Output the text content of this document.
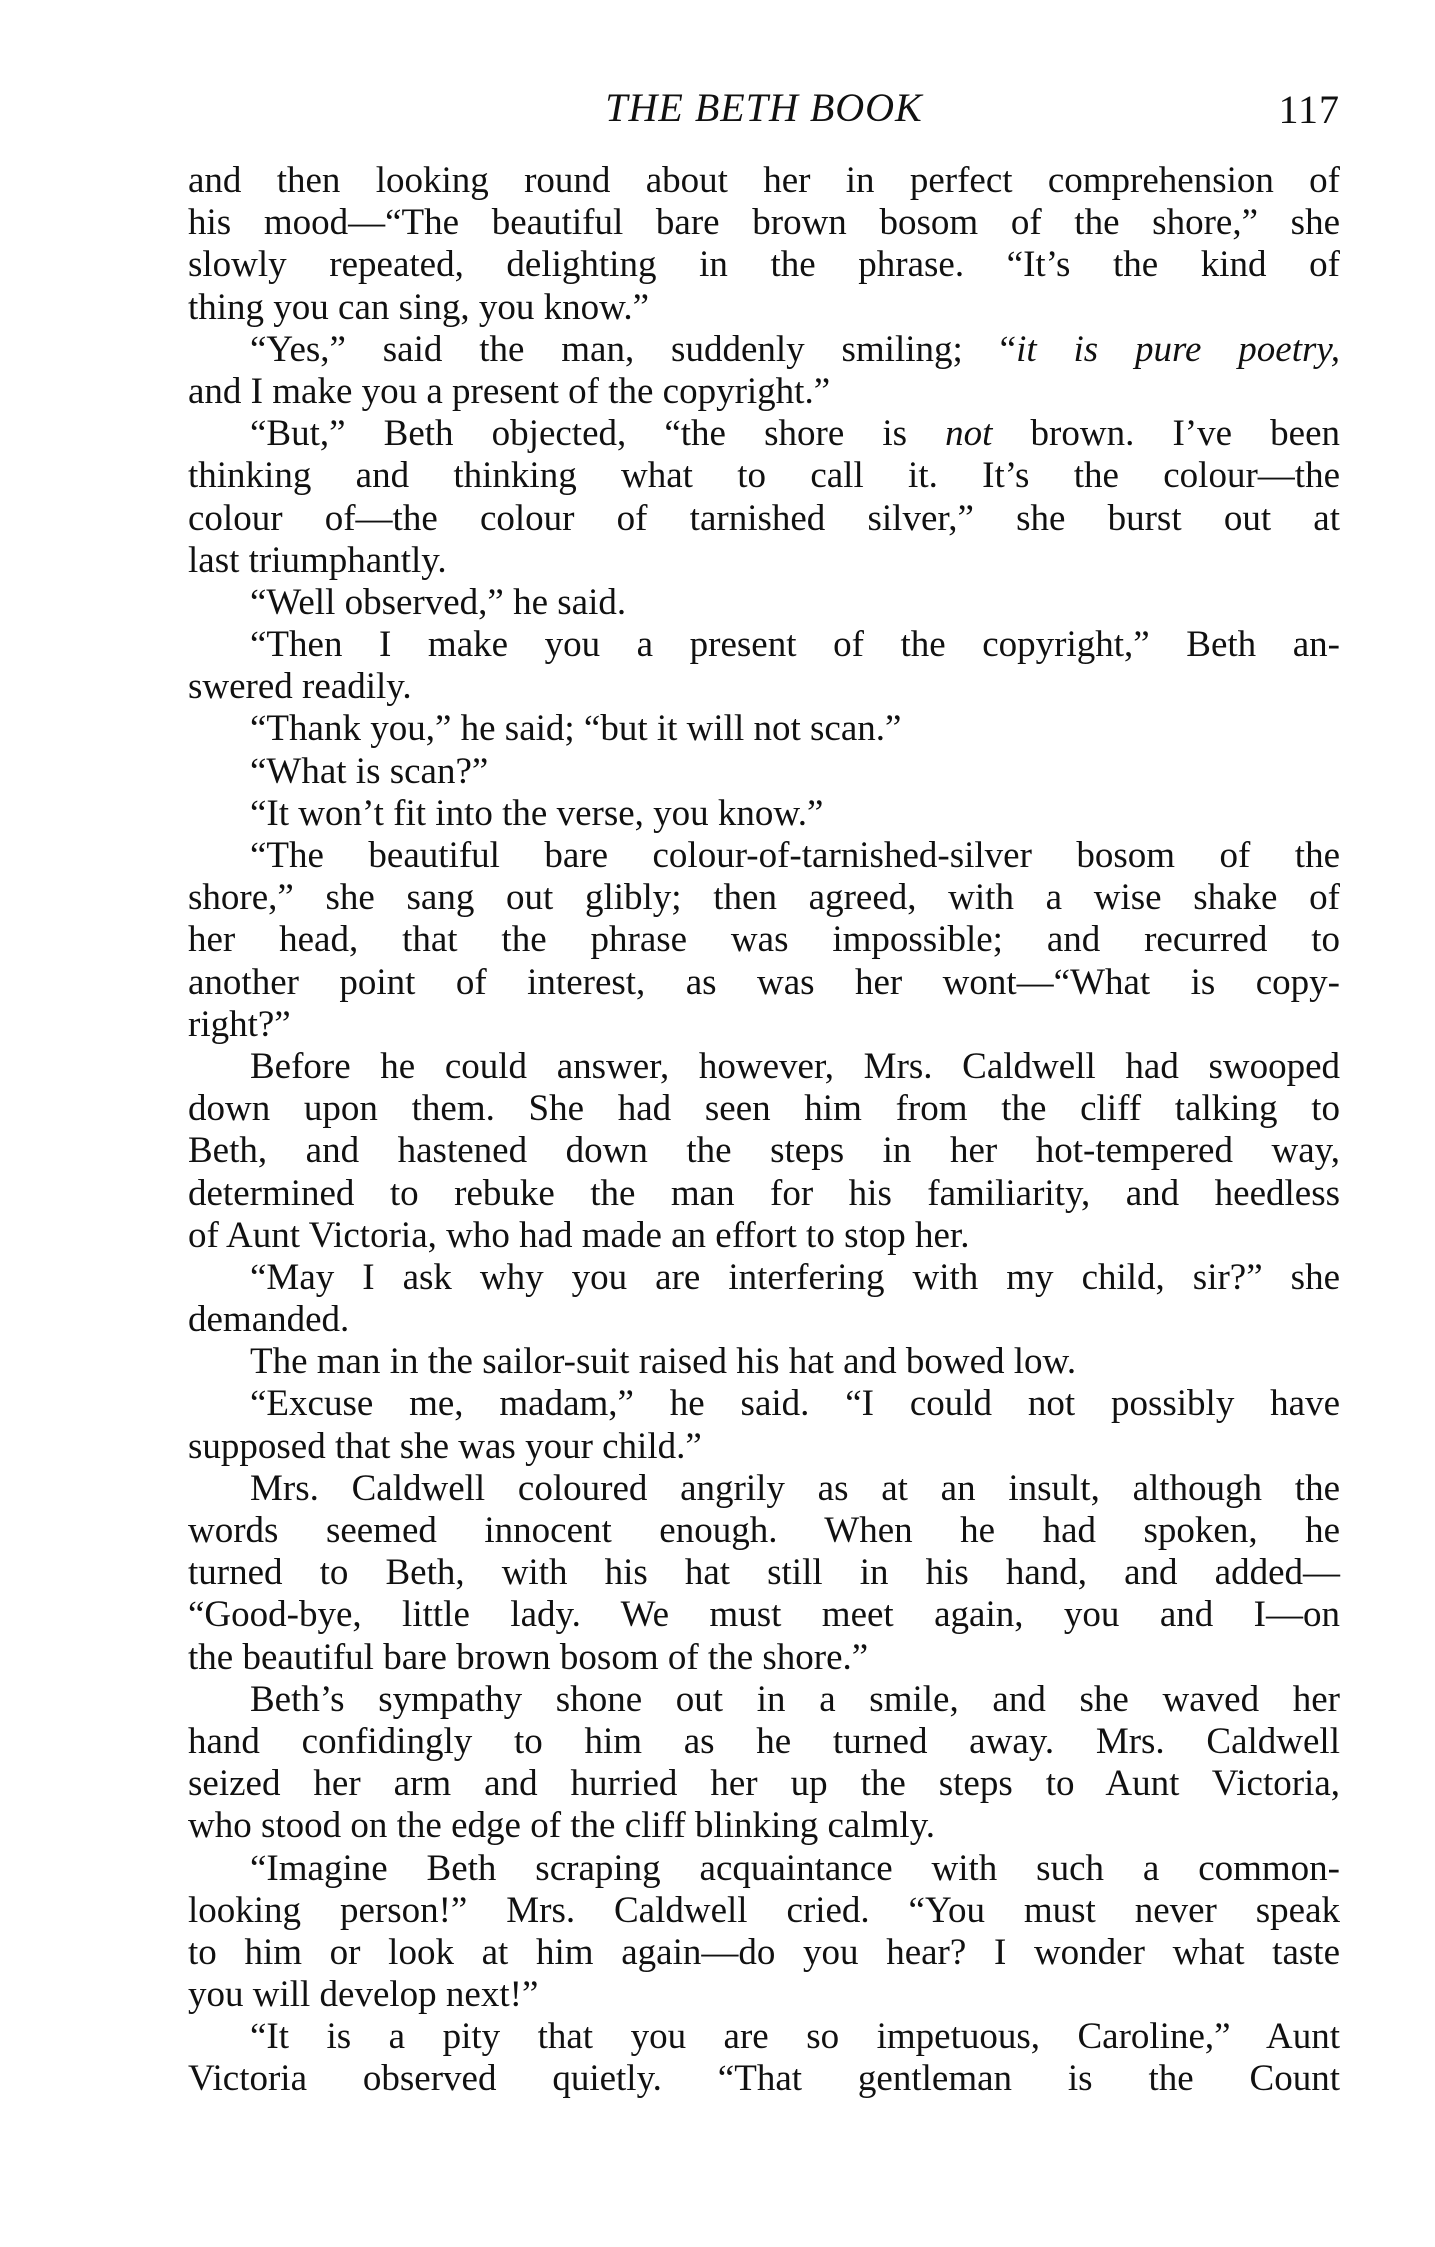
THE BETH BOOK	117
and then looking round about her in perfect comprehension of
his mood—“The beautiful bare brown bosom of the shore,” she
slowly repeated, delighting in the phrase. “It’s the kind of
thing you can sing, you know.”
“Yes,” said the man, suddenly smiling; “it is pure poetry,
and I make you a present of the copyright.”
“But,” Beth objected, “the shore is not brown. I’ve been
thinking and thinking what to call it. It’s the colour—the
colour of—the colour of tarnished silver,” she burst out at
last triumphantly.
“Well observed,” he said.
“Then I make you a present of the copyright,” Beth an-
swered readily.
“Thank you,” he said; “but it will not scan.”
“What is scan?”
“It won’t fit into the verse, you know.”
“The beautiful bare colour-of-tarnished-silver bosom of the
shore,” she sang out glibly; then agreed, with a wise shake of
her head, that the phrase was impossible; and recurred to
another point of interest, as was her wont—“What is copy-
right?”
Before he could answer, however, Mrs. Caldwell had swooped
down upon them. She had seen him from the cliff talking to
Beth, and hastened down the steps in her hot-tempered way,
determined to rebuke the man for his familiarity, and heedless
of Aunt Victoria, who had made an effort to stop her.
“May I ask why you are interfering with my child, sir?” she
demanded.
The man in the sailor-suit raised his hat and bowed low.
“Excuse me, madam,” he said. “I could not possibly have
supposed that she was your child.”
Mrs. Caldwell coloured angrily as at an insult, although the
words seemed innocent enough. When he had spoken, he
turned to Beth, with his hat still in his hand, and added—
“Good-bye, little lady. We must meet again, you and I—on
the beautiful bare brown bosom of the shore.”
Beth’s sympathy shone out in a smile, and she waved her
hand confidingly to him as he turned away. Mrs. Caldwell
seized her arm and hurried her up the steps to Aunt Victoria,
who stood on the edge of the cliff blinking calmly.
“Imagine Beth scraping acquaintance with such a common-
looking person!” Mrs. Caldwell cried. “You must never speak
to him or look at him again—do you hear? I wonder what taste
you will develop next!”
“It is a pity that you are so impetuous, Caroline,” Aunt
Victoria observed quietly. “That gentleman is the Count
